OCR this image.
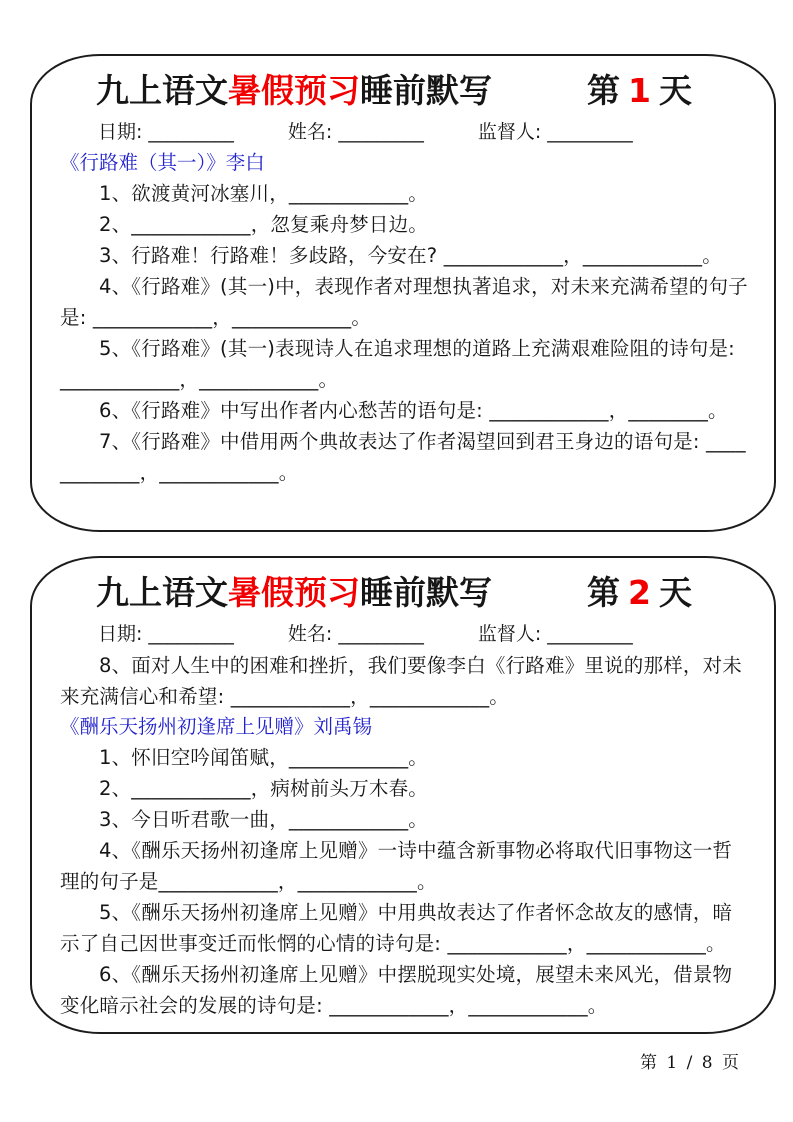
九上语文暑假预习睡前默写	第 1 天
日期: _________	姓名: _________	监督人: _________

《行路难（其一）》李白

1、欲渡黄河冰塞川，____________。

2、____________，忽复乘舟梦日边。

3、行路难！行路难！多歧路，今安在? ____________，____________。

4、《行路难》(其一)中，表现作者对理想执著追求，对未来充满希望的句子是: ____________，____________。

5、《行路难》(其一)表现诗人在追求理想的道路上充满艰难险阻的诗句是: ____________，____________。

6、《行路难》中写出作者内心愁苦的语句是: ____________，________。

7、《行路难》中借用两个典故表达了作者渴望回到君王身边的语句是: ____________，____________。

九上语文暑假预习睡前默写	第 2 天
日期: _________	姓名: _________	监督人: _________

8、面对人生中的困难和挫折，我们要像李白《行路难》里说的那样，对未来充满信心和希望: ____________，____________。

《酬乐天扬州初逢席上见赠》刘禹锡

1、怀旧空吟闻笛赋，____________。

2、____________，病树前头万木春。

3、今日听君歌一曲，____________。

4、《酬乐天扬州初逢席上见赠》一诗中蕴含新事物必将取代旧事物这一哲理的句子是____________，____________。

5、《酬乐天扬州初逢席上见赠》中用典故表达了作者怀念故友的感情，暗示了自己因世事变迁而怅惘的心情的诗句是: ____________，____________。

6、《酬乐天扬州初逢席上见赠》中摆脱现实处境，展望未来风光，借景物变化暗示社会的发展的诗句是: ____________，____________。

第 1 / 8 页
